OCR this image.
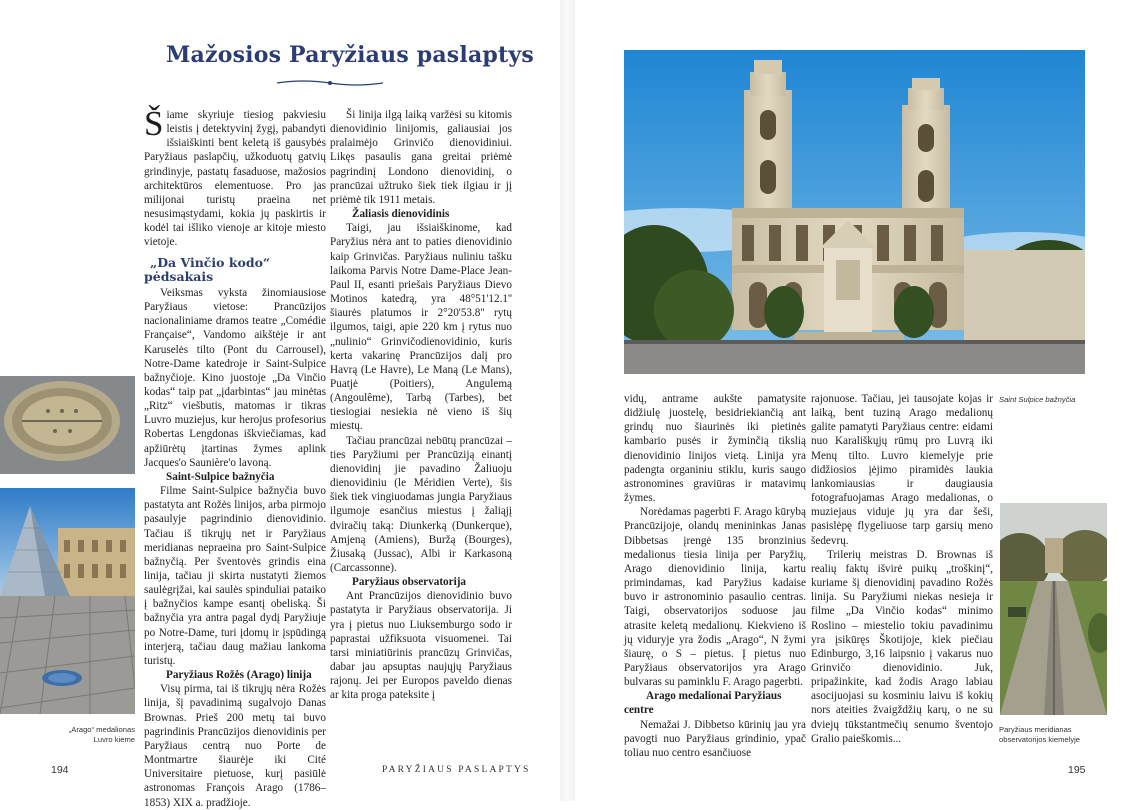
Mažosios Paryžiaus paslaptys

Šiame skyriuje tiesiog pakviesiu leistis į detektyvinį žygį, pabandyti išsiaiškinti bent keletą iš gausybės Paryžiaus paslapčių, užkoduotų gatvių grindinyje, pastatų fasaduose, mažosios architektūros elementuose. Pro jas milijonai turistų praeina net nesusimąstydami, kokia jų paskirtis ir kodėl tai išliko vienoje ar kitoje miesto vietoje.

„Da Vinčio kodo“ pėdsakais

Veiksmas vyksta žinomiausiose Paryžiaus vietose: Prancūzijos nacionaliniame dramos teatre „Comédie Française“, Vandomo aikštėje ir ant Karuselės tilto (Pont du Carrousel), Notre-Dame katedroje ir Saint-Sulpice bažnyčioje. Kino juostoje „Da Vinčio kodas“ taip pat „įdarbintas“ jau minėtas „Ritz“ viešbutis, matomas ir tikras Luvro muziejus, kur herojus profesorius Robertas Lengdonas iškviečiamas, kad apžiūrėtų įtartinas žymes aplink Jacques'o Saunière'o lavoną.

Saint-Sulpice bažnyčia

Filme Saint-Sulpice bažnyčia buvo pastatyta ant Rožės linijos, arba pirmojo pasaulyje pagrindinio dienovidinio. Tačiau iš tikrųjų net ir Paryžiaus meridianas nepraeina pro Saint-Sulpice bažnyčią. Per šventovės grindis eina linija, tačiau ji skirta nustatyti žiemos saulėgrįžai, kai saulės spinduliai pataiko į bažnyčios kampe esantį obeliską. Ši bažnyčia yra antra pagal dydį Paryžiuje po Notre-Dame, turi įdomų ir įspūdingą interjerą, tačiau daug mažiau lankoma turistų.

Paryžiaus Rožės (Arago) linija

Visų pirma, tai iš tikrųjų nėra Rožės linija, šį pavadinimą sugalvojo Danas Brownas. Prieš 200 metų tai buvo pagrindinis Prancūzijos dienovidinis per Paryžiaus centrą nuo Porte de Montmartre šiaurėje iki Cité Universitaire pietuose, kurį pasiūlė astronomas François Arago (1786–1853) XIX a. pradžioje.

Ši linija ilgą laiką varžėsi su kitomis dienovidinio linijomis, galiausiai jos pralaimėjo Grinvičo dienovidiniui. Likęs pasaulis gana greitai priėmė pagrindinį Londono dienovidinį, o prancūzai užtruko šiek tiek ilgiau ir jį priėmė tik 1911 metais.

Žaliasis dienovidinis

Taigi, jau išsiaiškinome, kad Paryžius nėra ant to paties dienovidinio kaip Grinvičas. Paryžiaus nuliniu tašku laikoma Parvis Notre Dame-Place Jean-Paul II, esanti priešais Paryžiaus Dievo Motinos katedrą, yra 48°51'12.1'' šiaurės platumos ir 2°20'53.8'' rytų ilgumos, taigi, apie 220 km į rytus nuo „nulinio“ Grinvičodienovidinio, kuris kerta vakarinę Prancūzijos dalį pro Havrą (Le Havre), Le Maną (Le Mans), Puatjė (Poitiers), Angulemą (Angoulême), Tarbą (Tarbes), bet tiesiogiai nesiekia nė vieno iš šių miestų.

Tačiau prancūzai nebūtų prancūzai – ties Paryžiumi per Prancūziją einantį dienovidinį jie pavadino Žaliuoju dienovidiniu (le Méridien Verte), šis šiek tiek vingiuodamas jungia Paryžiaus ilgumoje esančius miestus į žaliąjį dviračių taką: Diunkerką (Dunkerque), Amjeną (Amiens), Buržą (Bourges), Žiusaką (Jussac), Albi ir Karkasoną (Carcassonne).

Paryžiaus observatorija

Ant Prancūzijos dienovidinio buvo pastatyta ir Paryžiaus observatorija. Ji yra į pietus nuo Liuksemburgo sodo ir paprastai užfiksuota visuomenei. Tai tarsi miniatiūrinis prancūzų Grinvičas, dabar jau apsuptas naujųjų Paryžiaus rajonų. Jei per Europos paveldo dienas ar kita proga pateksite į

vidų, antrame aukšte pamatysite didžiulę juostelę, besidriekiančią ant grindų nuo šiaurinės iki pietinės kambario pusės ir žyminčią tikslią dienovidinio linijos vietą. Linija yra padengta organiniu stiklu, kuris saugo astronomines graviūras ir matavimų žymes.

Norėdamas pagerbti F. Arago kūrybą Prancūzijoje, olandų menininkas Janas Dibbetsas įrengė 135 bronzinius medalionus tiesia linija per Paryžių, Arago dienovidinio linija, kartu primindamas, kad Paryžius kadaise buvo ir astronominio pasaulio centras. Taigi, observatorijos soduose jau atrasite keletą medalionų. Kiekvieno iš jų viduryje yra žodis „Arago“, N žymi šiaurę, o S – pietus. Į pietus nuo Paryžiaus observatorijos yra Arago bulvaras su paminklu F. Arago pagerbti.

Arago medalionai Paryžiaus centre

Nemažai J. Dibbetso kūrinių jau yra pavogti nuo Paryžiaus grindinio, ypač toliau nuo centro esančiuose

rajonuose. Tačiau, jei tausojate kojas ir laiką, bent tuziną Arago medalionų galite pamatyti Paryžiaus centre: eidami nuo Karališkųjų rūmų pro Luvrą iki Menų tilto. Luvro kiemelyje prie didžiosios įėjimo piramidės laukia lankomiausias ir daugiausia fotografuojamas Arago medalionas, o muziejaus viduje jų yra dar šeši, pasislėpę flygeliuose tarp garsių meno šedevrų.

Trilerių meistras D. Brownas iš realių faktų išvirė puikų „troškinį“, kuriame šį dienovidinį pavadino Rožės linija. Su Paryžiumi niekas nesieja ir filme „Da Vinčio kodas“ minimo Roslino – miestelio tokiu pavadinimu yra įsikūręs Škotijoje, kiek piečiau Edinburgo, 3,16 laipsnio į vakarus nuo Grinvičo dienovidinio. Juk, pripažinkite, kad žodis Arago labiau asocijuojasi su kosminiu laivu iš kokių nors ateities žvaigždžių karų, o ne su dviejų tūkstantmečių senumo šventojo Gralio paieškomis...

„Arago“ medalionas Luvro kieme
Saint Sulpice bažnyčia
Paryžiaus meridianas observatorijos kiemelyje
194	PARYŽIAUS PASLAPTYS	195
